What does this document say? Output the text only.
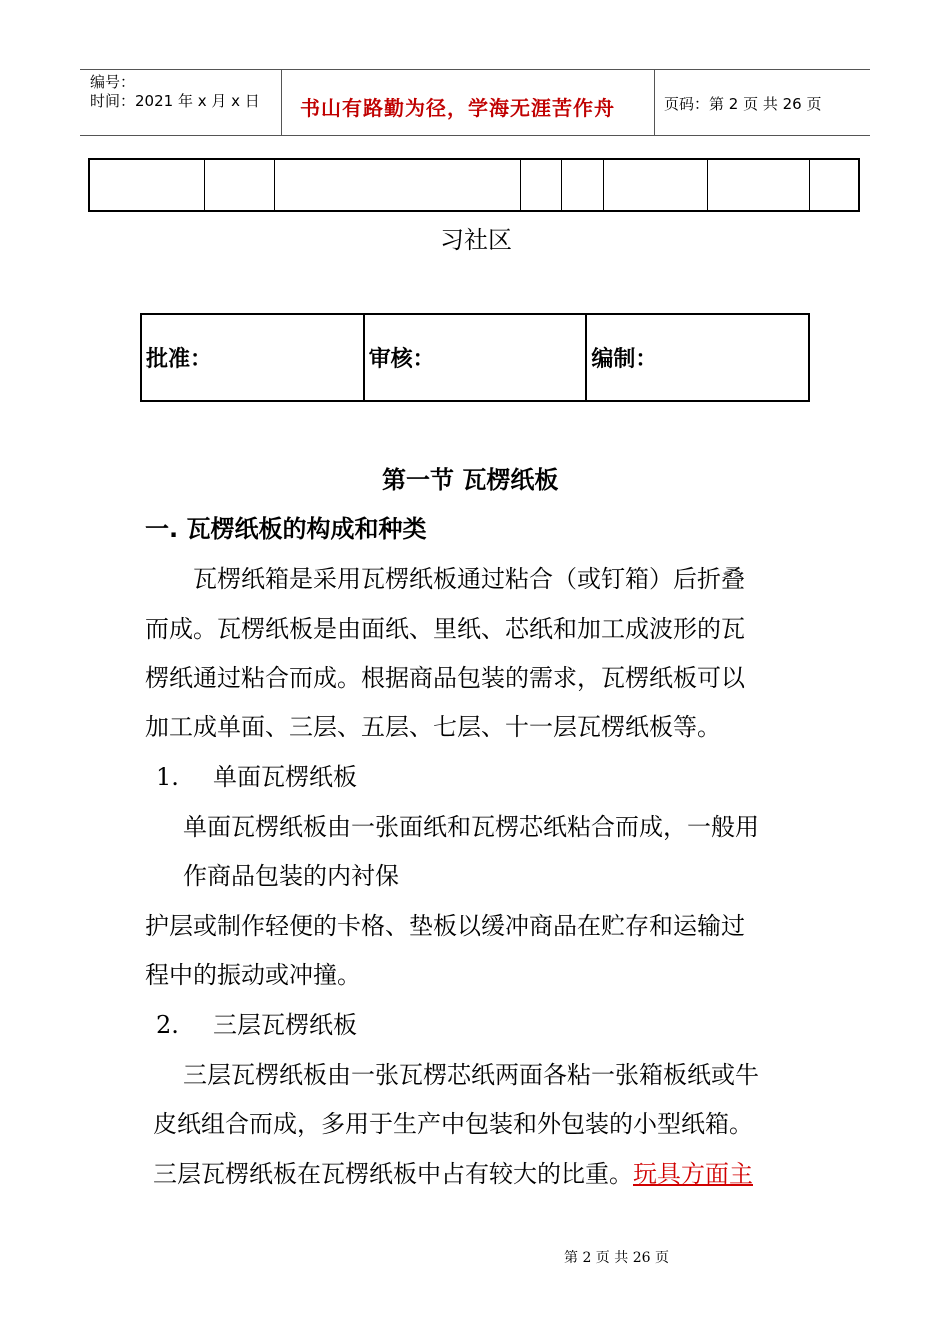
编号：
时间：2021 年 x 月 x 日 书山有路勤为径，学海无涯苦作舟	页码：第 2 页 共 26 页
习社区
批准：	审核：	编制：
第一节 瓦楞纸板
一. 瓦楞纸板的构成和种类
瓦楞纸箱是采用瓦楞纸板通过粘合（或钉箱）后折叠
而成。瓦楞纸板是由面纸、里纸、芯纸和加工成波形的瓦
楞纸通过粘合而成。根据商品包装的需求，瓦楞纸板可以
加工成单面、三层、五层、七层、十一层瓦楞纸板等。
1. 单面瓦楞纸板
单面瓦楞纸板由一张面纸和瓦楞芯纸粘合而成，一般用
作商品包装的内衬保
护层或制作轻便的卡格、垫板以缓冲商品在贮存和运输过
程中的振动或冲撞。
2. 三层瓦楞纸板
三层瓦楞纸板由一张瓦楞芯纸两面各粘一张箱板纸或牛
皮纸组合而成，多用于生产中包装和外包装的小型纸箱。
三层瓦楞纸板在瓦楞纸板中占有较大的比重。玩具方面主
第 2 页 共 26 页
